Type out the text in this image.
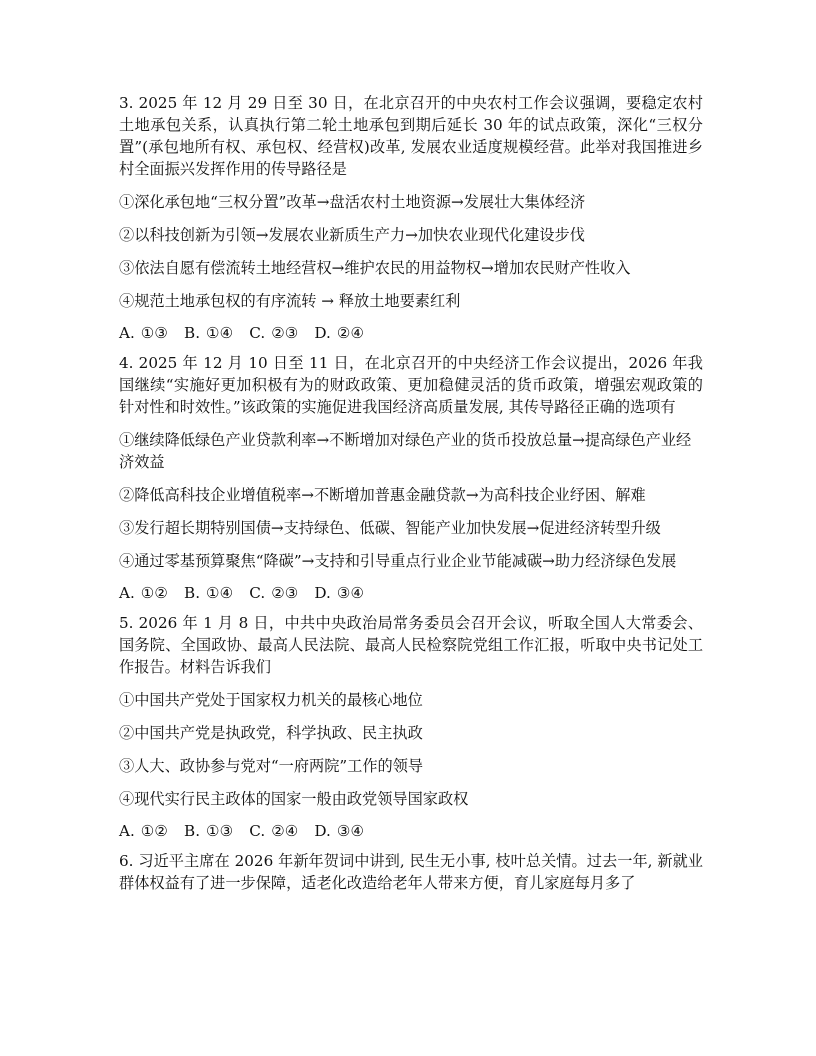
3. 2025 年 12 月 29 日至 30 日，在北京召开的中央农村工作会议强调，要稳定农村土地承包关系，认真执行第二轮土地承包到期后延长 30 年的试点政策，深化“三权分置”(承包地所有权、承包权、经营权)改革, 发展农业适度规模经营。此举对我国推进乡村全面振兴发挥作用的传导路径是

①深化承包地“三权分置”改革→盘活农村土地资源→发展壮大集体经济

②以科技创新为引领→发展农业新质生产力→加快农业现代化建设步伐

③依法自愿有偿流转土地经营权→维护农民的用益物权→增加农民财产性收入

④规范土地承包权的有序流转 → 释放土地要素红利

A. ①③ B. ①④ C. ②③ D. ②④

4. 2025 年 12 月 10 日至 11 日，在北京召开的中央经济工作会议提出，2026 年我国继续“实施好更加积极有为的财政政策、更加稳健灵活的货币政策，增强宏观政策的针对性和时效性。”该政策的实施促进我国经济高质量发展, 其传导路径正确的选项有

①继续降低绿色产业贷款利率→不断增加对绿色产业的货币投放总量→提高绿色产业经济效益

②降低高科技企业增值税率→不断增加普惠金融贷款→为高科技企业纾困、解难

③发行超长期特别国债→支持绿色、低碳、智能产业加快发展→促进经济转型升级

④通过零基预算聚焦“降碳”→支持和引导重点行业企业节能减碳→助力经济绿色发展

A. ①② B. ①④ C. ②③ D. ③④

5. 2026 年 1 月 8 日，中共中央政治局常务委员会召开会议，听取全国人大常委会、国务院、全国政协、最高人民法院、最高人民检察院党组工作汇报，听取中央书记处工作报告。材料告诉我们

①中国共产党处于国家权力机关的最核心地位

②中国共产党是执政党，科学执政、民主执政

③人大、政协参与党对“一府两院”工作的领导

④现代实行民主政体的国家一般由政党领导国家政权

A. ①② B. ①③ C. ②④ D. ③④

6. 习近平主席在 2026 年新年贺词中讲到, 民生无小事, 枝叶总关情。过去一年, 新就业群体权益有了进一步保障，适老化改造给老年人带来方便，育儿家庭每月多了
